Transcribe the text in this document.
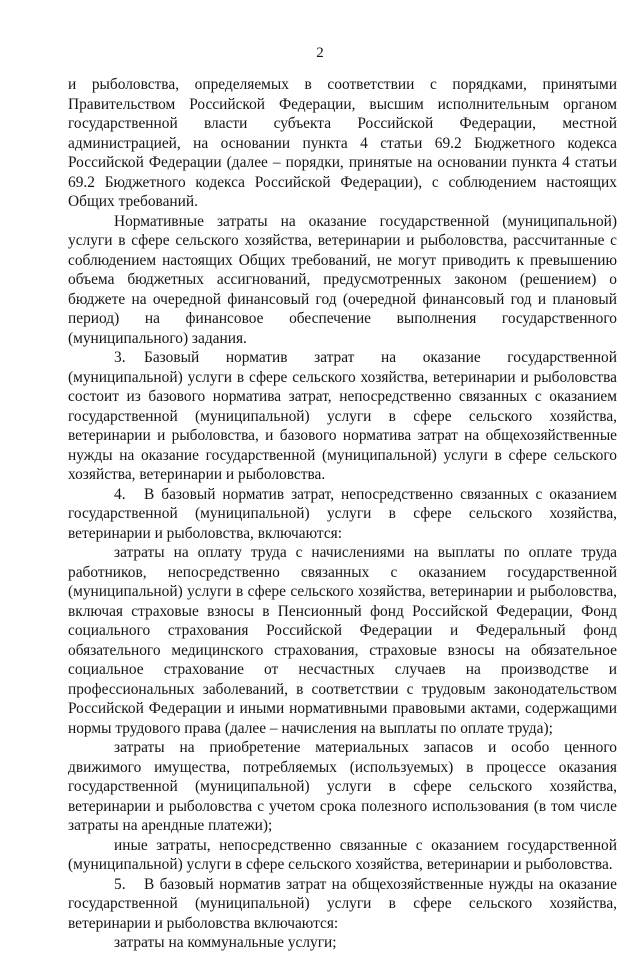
2

и рыболовства, определяемых в соответствии с порядками, принятыми Правительством Российской Федерации, высшим исполнительным органом государственной власти субъекта Российской Федерации, местной администрацией, на основании пункта 4 статьи 69.2 Бюджетного кодекса Российской Федерации (далее – порядки, принятые на основании пункта 4 статьи 69.2 Бюджетного кодекса Российской Федерации), с соблюдением настоящих Общих требований.

Нормативные затраты на оказание государственной (муниципальной) услуги в сфере сельского хозяйства, ветеринарии и рыболовства, рассчитанные с соблюдением настоящих Общих требований, не могут приводить к превышению объема бюджетных ассигнований, предусмотренных законом (решением) о бюджете на очередной финансовый год (очередной финансовый год и плановый период) на финансовое обеспечение выполнения государственного (муниципального) задания.

3. Базовый норматив затрат на оказание государственной (муниципальной) услуги в сфере сельского хозяйства, ветеринарии и рыболовства состоит из базового норматива затрат, непосредственно связанных с оказанием государственной (муниципальной) услуги в сфере сельского хозяйства, ветеринарии и рыболовства, и базового норматива затрат на общехозяйственные нужды на оказание государственной (муниципальной) услуги в сфере сельского хозяйства, ветеринарии и рыболовства.

4. В базовый норматив затрат, непосредственно связанных с оказанием государственной (муниципальной) услуги в сфере сельского хозяйства, ветеринарии и рыболовства, включаются:

затраты на оплату труда с начислениями на выплаты по оплате труда работников, непосредственно связанных с оказанием государственной (муниципальной) услуги в сфере сельского хозяйства, ветеринарии и рыболовства, включая страховые взносы в Пенсионный фонд Российской Федерации, Фонд социального страхования Российской Федерации и Федеральный фонд обязательного медицинского страхования, страховые взносы на обязательное социальное страхование от несчастных случаев на производстве и профессиональных заболеваний, в соответствии с трудовым законодательством Российской Федерации и иными нормативными правовыми актами, содержащими нормы трудового права (далее – начисления на выплаты по оплате труда);

затраты на приобретение материальных запасов и особо ценного движимого имущества, потребляемых (используемых) в процессе оказания государственной (муниципальной) услуги в сфере сельского хозяйства, ветеринарии и рыболовства с учетом срока полезного использования (в том числе затраты на арендные платежи);

иные затраты, непосредственно связанные с оказанием государственной (муниципальной) услуги в сфере сельского хозяйства, ветеринарии и рыболовства.

5. В базовый норматив затрат на общехозяйственные нужды на оказание государственной (муниципальной) услуги в сфере сельского хозяйства, ветеринарии и рыболовства включаются:

затраты на коммунальные услуги;
